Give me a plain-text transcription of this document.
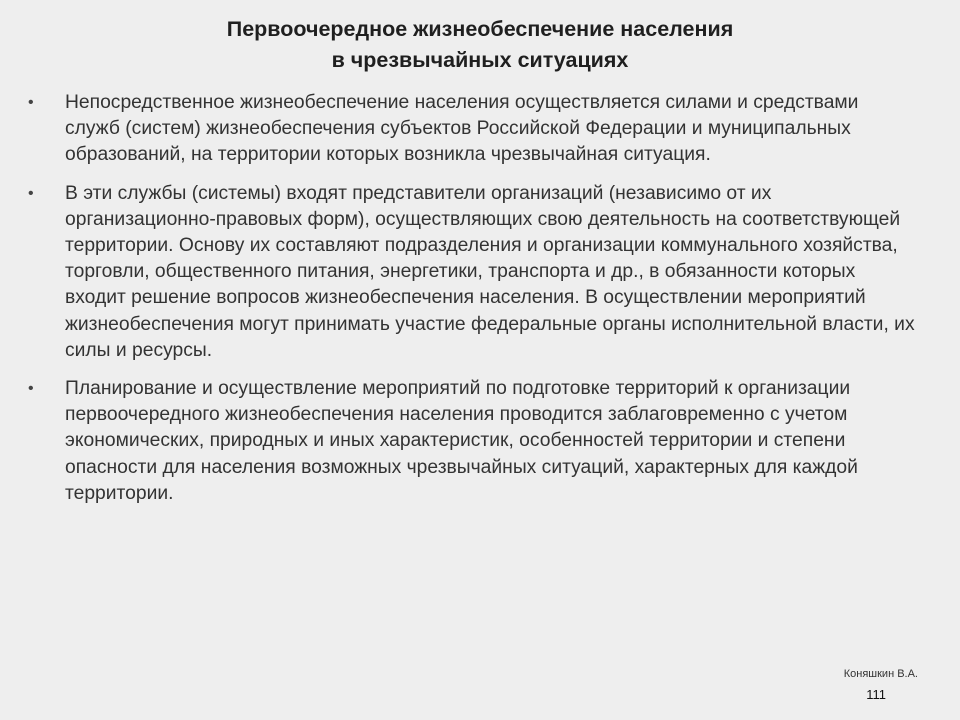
Первоочередное жизнеобеспечение населения
в чрезвычайных ситуациях
• Непосредственное жизнеобеспечение населения осуществляется силами и средствами служб (систем) жизнеобеспечения субъектов Российской Федерации и муниципальных образований, на территории которых возникла чрезвычайная ситуация.
• В эти службы (системы) входят представители организаций (независимо от их организационно-правовых форм), осуществляющих свою деятельность на соответствующей территории. Основу их составляют подразделения и организации коммунального хозяйства, торговли, общественного питания, энергетики, транспорта и др., в обязанности которых входит решение вопросов жизнеобеспечения населения. В осуществлении мероприятий жизнеобеспечения могут принимать участие федеральные органы исполнительной власти, их силы и ресурсы.
• Планирование и осуществление мероприятий по подготовке территорий к организации первоочередного жизнеобеспечения населения проводится заблаговременно с учетом экономических, природных и иных характеристик, особенностей территории и степени опасности для населения возможных чрезвычайных ситуаций, характерных для каждой территории.
Коняшкин В.А.
111
